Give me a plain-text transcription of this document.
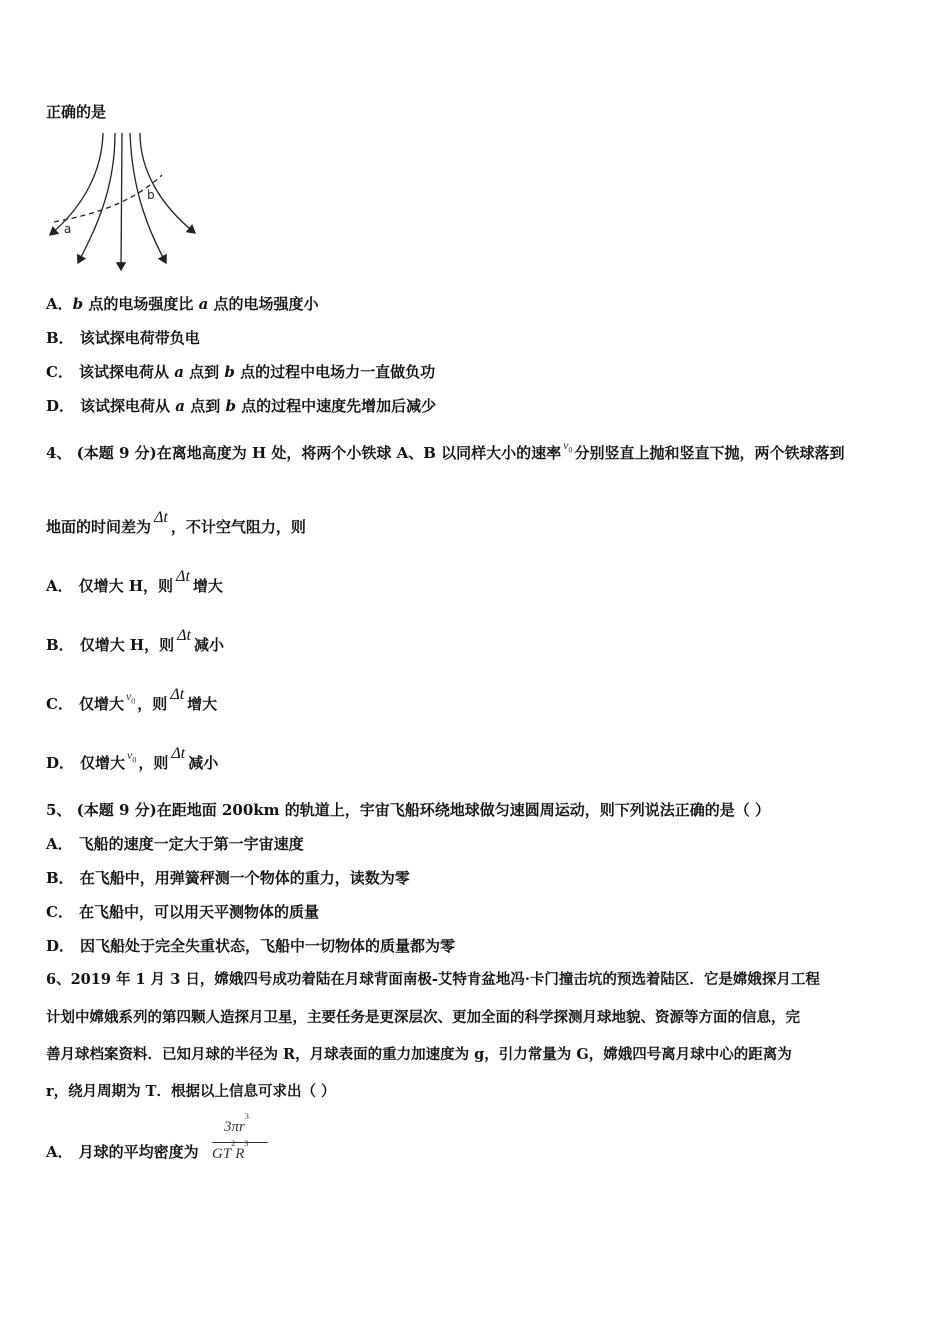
正确的是
a
b
A．b 点的电场强度比 a 点的电场强度小
B． 该试探电荷带负电
C． 该试探电荷从 a 点到 b 点的过程中电场力一直做负功
D． 该试探电荷从 a 点到 b 点的过程中速度先增加后减少
4、 (本题 9 分)在离地高度为 H 处，将两个小铁球 A、B 以同样大小的速率 $^{v_0}$ 分别竖直上抛和竖直下抛，两个铁球落到
地面的时间差为Δt，不计空气阻力，则
A． 仅增大 H，则Δt增大
B． 仅增大 H，则Δt减小
C． 仅增大 $^{v_0}$ ，则Δt增大
D． 仅增大 $^{v_0}$ ，则Δt减小
5、 (本题 9 分)在距地面 200km 的轨道上，宇宙飞船环绕地球做匀速圆周运动，则下列说法正确的是（ ）
A． 飞船的速度一定大于第一宇宙速度
B． 在飞船中，用弹簧秤测一个物体的重力，读数为零
C． 在飞船中，可以用天平测物体的质量
D． 因飞船处于完全失重状态，飞船中一切物体的质量都为零
6、2019 年 1 月 3 日，嫦娥四号成功着陆在月球背面南极-艾特肯盆地冯·卡门撞击坑的预选着陆区．它是嫦娥探月工程
计划中嫦娥系列的第四颗人造探月卫星，主要任务是更深层次、更加全面的科学探测月球地貌、资源等方面的信息，完
善月球档案资料．已知月球的半径为 R，月球表面的重力加速度为 g，引力常量为 G，嫦娥四号离月球中心的距离为
r，绕月周期为 T．根据以上信息可求出（ ）
A． 月球的平均密度为
$3\pi r^3$
$GT^2R^3$
